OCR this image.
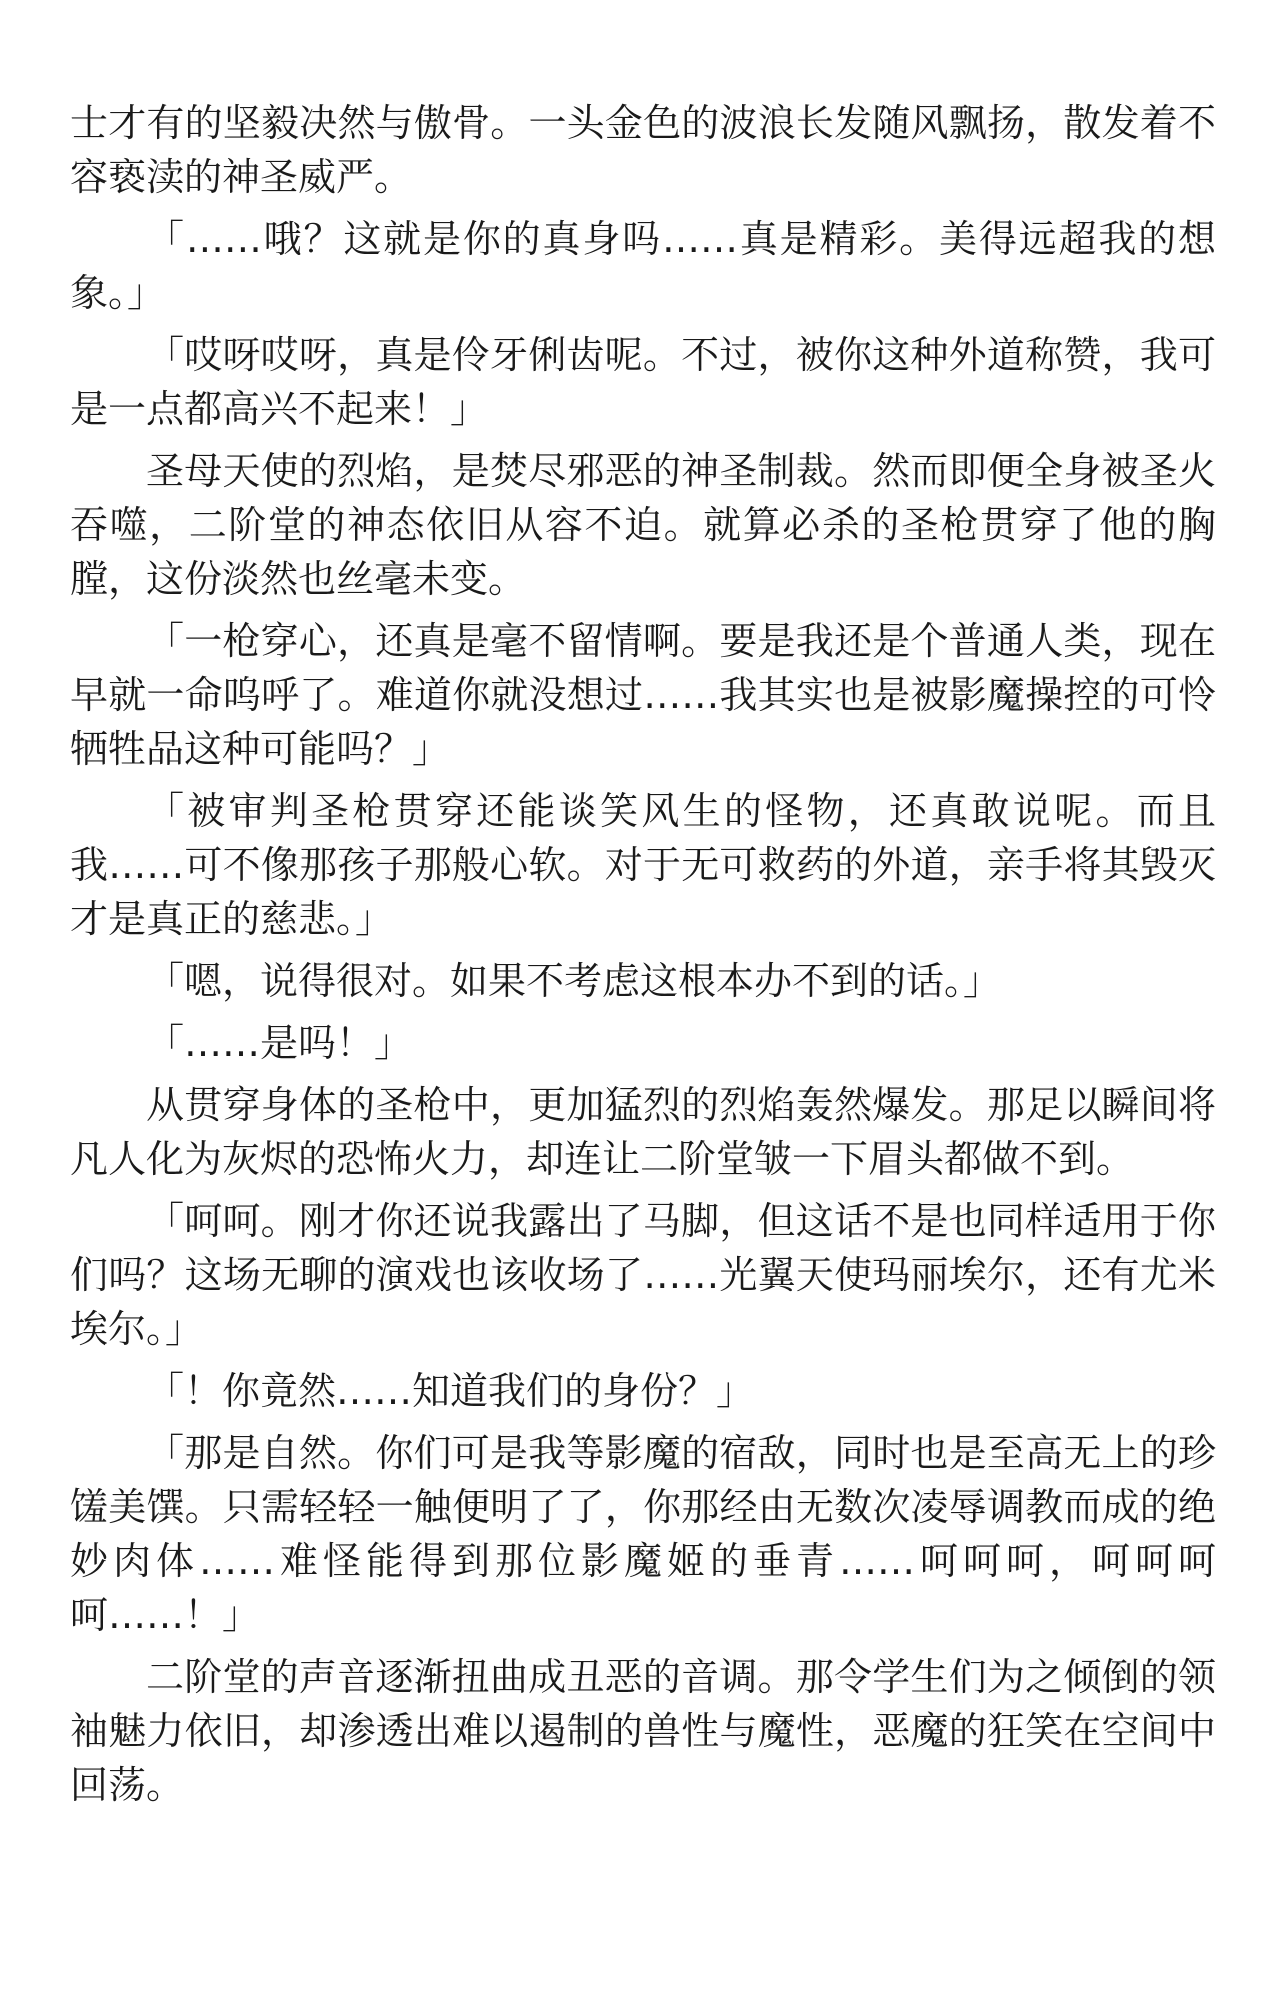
士才有的坚毅决然与傲骨。一头金色的波浪长发随风飘扬，散发着不容亵渎的神圣威严。

「……哦？这就是你的真身吗……真是精彩。美得远超我的想象。」

「哎呀哎呀，真是伶牙俐齿呢。不过，被你这种外道称赞，我可是一点都高兴不起来！」

圣母天使的烈焰，是焚尽邪恶的神圣制裁。然而即便全身被圣火吞噬，二阶堂的神态依旧从容不迫。就算必杀的圣枪贯穿了他的胸膛，这份淡然也丝毫未变。

「一枪穿心，还真是毫不留情啊。要是我还是个普通人类，现在早就一命呜呼了。难道你就没想过……我其实也是被影魔操控的可怜牺牲品这种可能吗？」

「被审判圣枪贯穿还能谈笑风生的怪物，还真敢说呢。而且我……可不像那孩子那般心软。对于无可救药的外道，亲手将其毁灭才是真正的慈悲。」

「嗯，说得很对。如果不考虑这根本办不到的话。」

「……是吗！」

从贯穿身体的圣枪中，更加猛烈的烈焰轰然爆发。那足以瞬间将凡人化为灰烬的恐怖火力，却连让二阶堂皱一下眉头都做不到。

「呵呵。刚才你还说我露出了马脚，但这话不是也同样适用于你们吗？这场无聊的演戏也该收场了……光翼天使玛丽埃尔，还有尤米埃尔。」

「！你竟然……知道我们的身份？」

「那是自然。你们可是我等影魔的宿敌，同时也是至高无上的珍馐美馔。只需轻轻一触便明了了，你那经由无数次凌辱调教而成的绝妙肉体……难怪能得到那位影魔姬的垂青……呵呵呵，呵呵呵呵……！」

二阶堂的声音逐渐扭曲成丑恶的音调。那令学生们为之倾倒的领袖魅力依旧，却渗透出难以遏制的兽性与魔性，恶魔的狂笑在空间中回荡。
